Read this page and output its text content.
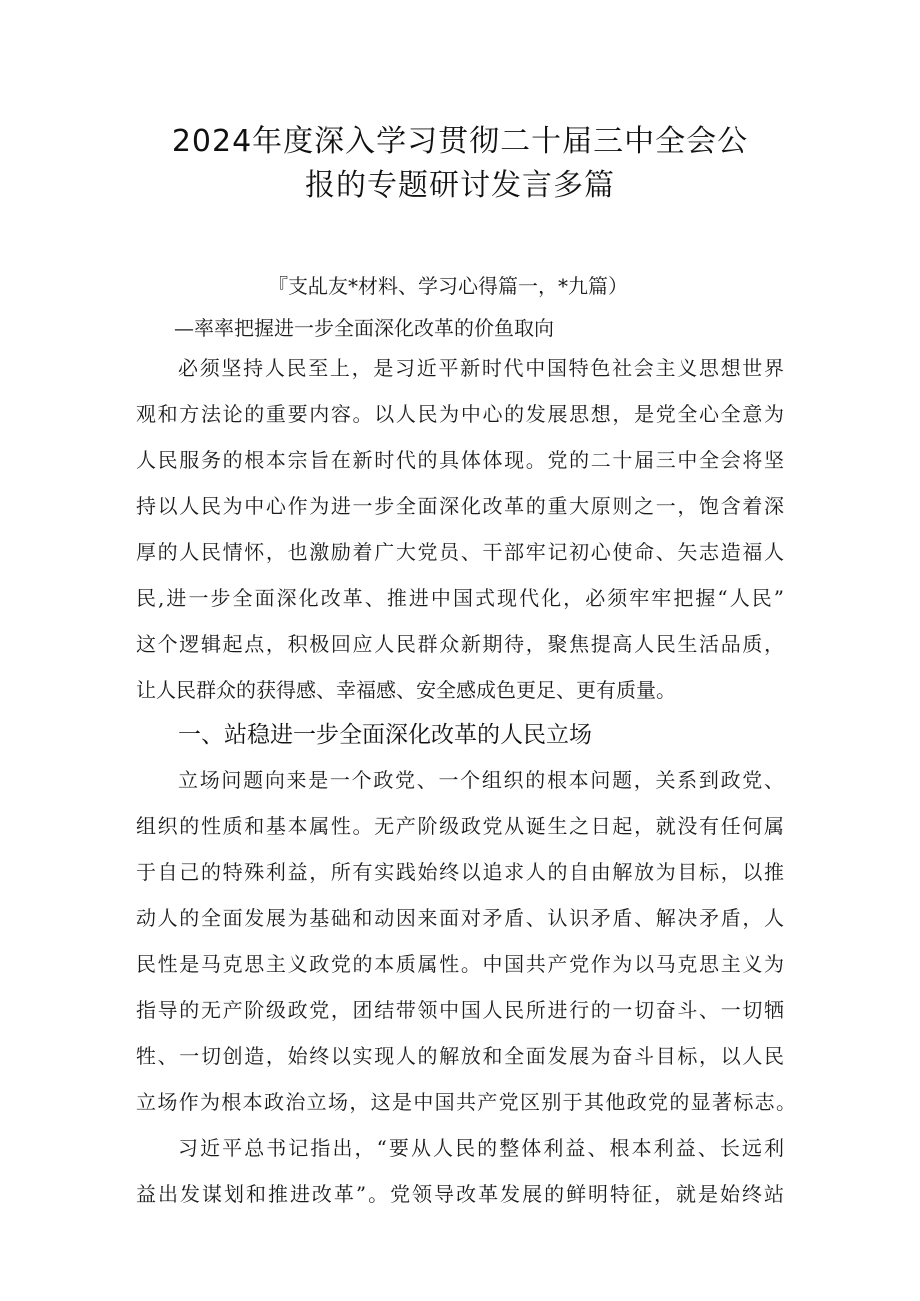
2024年度深入学习贯彻二十届三中全会公
报的专题研讨发言多篇
『支乩友*材料、学习心得篇一，*九篇）
—率率把握进一步全面深化改革的价鱼取向
必须坚持人民至上，是习近平新时代中国特色社会主义思想世界
观和方法论的重要内容。以人民为中心的发展思想，是党全心全意为
人民服务的根本宗旨在新时代的具体体现。党的二十届三中全会将坚
持以人民为中心作为进一步全面深化改革的重大原则之一，饱含着深
厚的人民情怀，也激励着广大党员、干部牢记初心使命、矢志造福人
民,进一步全面深化改革、推进中国式现代化，必须牢牢把握“人民”
这个逻辑起点，积极回应人民群众新期待，聚焦提高人民生活品质，
让人民群众的获得感、幸福感、安全感成色更足、更有质量。
一、站稳进一步全面深化改革的人民立场
立场问题向来是一个政党、一个组织的根本问题，关系到政党、
组织的性质和基本属性。无产阶级政党从诞生之日起，就没有任何属
于自己的特殊利益，所有实践始终以追求人的自由解放为目标，以推
动人的全面发展为基础和动因来面对矛盾、认识矛盾、解决矛盾，人
民性是马克思主义政党的本质属性。中国共产党作为以马克思主义为
指导的无产阶级政党，团结带领中国人民所进行的一切奋斗、一切牺
牲、一切创造，始终以实现人的解放和全面发展为奋斗目标，以人民
立场作为根本政治立场，这是中国共产党区别于其他政党的显著标志。
习近平总书记指出，“要从人民的整体利益、根本利益、长远利
益出发谋划和推进改革”。党领导改革发展的鲜明特征，就是始终站
